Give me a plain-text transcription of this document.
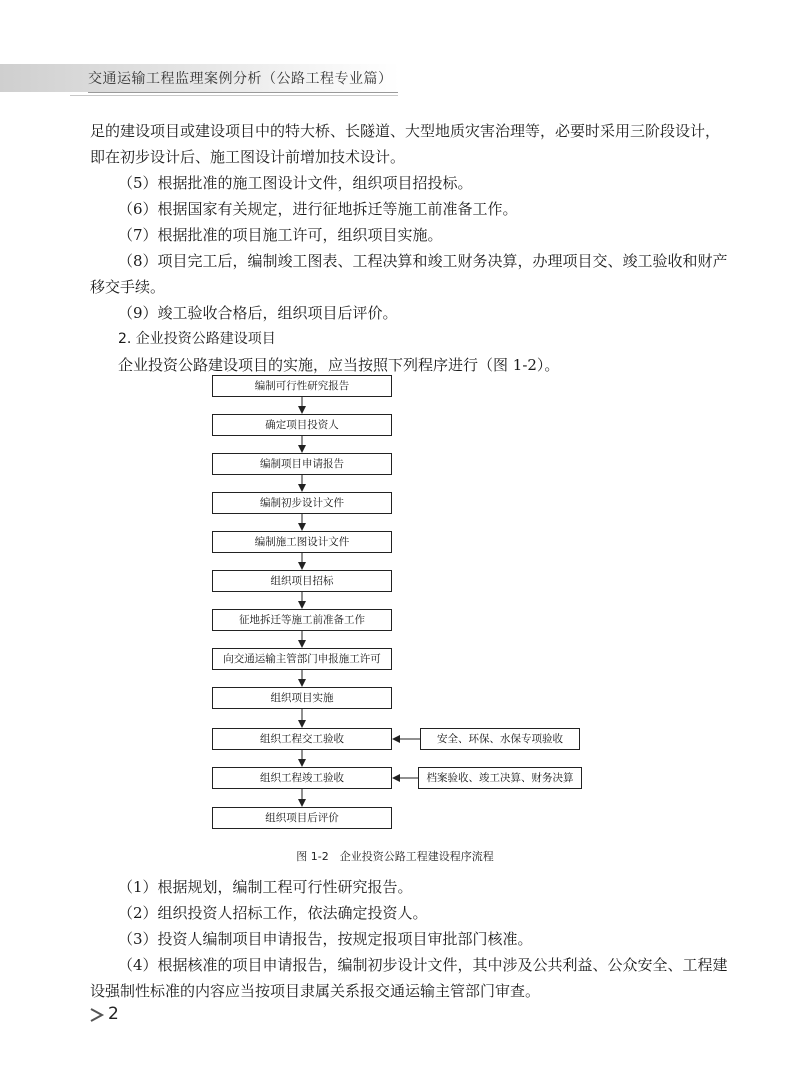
交通运输工程监理案例分析（公路工程专业篇）

足的建设项目或建设项目中的特大桥、长隧道、大型地质灾害治理等，必要时采用三阶段设计，

即在初步设计后、施工图设计前增加技术设计。

（5）根据批准的施工图设计文件，组织项目招投标。

（6）根据国家有关规定，进行征地拆迁等施工前准备工作。

（7）根据批准的项目施工许可，组织项目实施。

（8）项目完工后，编制竣工图表、工程决算和竣工财务决算，办理项目交、竣工验收和财产

移交手续。

（9）竣工验收合格后，组织项目后评价。

2. 企业投资公路建设项目

企业投资公路建设项目的实施，应当按照下列程序进行（图 1-2）。

编制可行性研究报告
确定项目投资人
编制项目申请报告
编制初步设计文件
编制施工图设计文件
组织项目招标
征地拆迁等施工前准备工作
向交通运输主管部门申报施工许可
组织项目实施
组织工程交工验收
组织工程竣工验收
组织项目后评价
安全、环保、水保专项验收
档案验收、竣工决算、财务决算
图 1-2　企业投资公路工程建设程序流程

（1）根据规划，编制工程可行性研究报告。

（2）组织投资人招标工作，依法确定投资人。

（3）投资人编制项目申请报告，按规定报项目审批部门核准。

（4）根据核准的项目申请报告，编制初步设计文件，其中涉及公共利益、公众安全、工程建

设强制性标准的内容应当按项目隶属关系报交通运输主管部门审查。

2
